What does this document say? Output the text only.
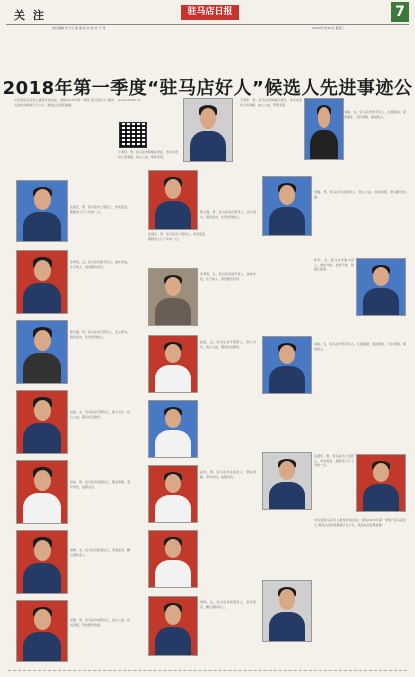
关 注	驻马店日报	7
责任编辑 许子云 美 编 张 朴 校 对 于 丹	2019年3月20日 星期三
2018年第一季度“驻马店好人”候选人先进事迹公
为引领驻马店好人推荐评选活动，现将2018年第一季度“驻马店好人”候选人的先进事迹予以公示，欢迎社会各界监督。
www.zmdrb.cn
王建军，男，驻马店市驿城区居民，多年来坚持义务奉献，热心公益，帮助邻里。
王建军，男，驻马店市驿城区居民，多年来坚持义务奉献，热心公益，帮助邻里。
刘娟，女，驻马店市西平县人，扎根基层，爱岗敬业，无私奉献，事迹感人。
张国庆，男，驻马店市上蔡县人，孝老爱亲，照顾老人几十年如一日。
李秀英，女，驻马店市遂平县人，诚实守信，乐于助人，深受群众好评。
陈志强，男，驻马店市正阳县人，见义勇为，挺身而出，危急时刻救人。
赵丽，女，驻马店市平舆县人，助人为乐，热心公益，服务社区群众。
孙伟，男，驻马店市汝南县人，敬业奉献，坚守岗位，成绩突出。
周梅，女，驻马店市新蔡县人，孝老爱亲，精心照料家人。
吴刚，男，驻马店市泌阳县人，热心公益，扶贫济困，带动群众致富。
张国庆，男，驻马店市上蔡县人，孝老爱亲，照顾老人几十年如一日。
李秀英，女，驻马店市遂平县人，诚实守信，乐于助人，深受群众好评。
陈志强，男，驻马店市正阳县人，见义勇为，挺身而出，危急时刻救人。
赵丽，女，驻马店市平舆县人，助人为乐，热心公益，服务社区群众。
孙伟，男，驻马店市汝南县人，敬业奉献，坚守岗位，成绩突出。
周梅，女，驻马店市新蔡县人，孝老爱亲，精心照料家人。
吴刚，男，驻马店市泌阳县人，热心公益，扶贫济困，带动群众致富。
郑华，女，驻马店市确山县人，诚实守信，拾金不昧，传递正能量。
刘娟，女，驻马店市西平县人，扎根基层，爱岗敬业，无私奉献，事迹感人。
张国庆，男，驻马店市上蔡县人，孝老爱亲，照顾老人几十年如一日。
为引领驻马店好人推荐评选活动，现将2018年第一季度“驻马店好人”候选人的先进事迹予以公示，欢迎社会各界监督。
